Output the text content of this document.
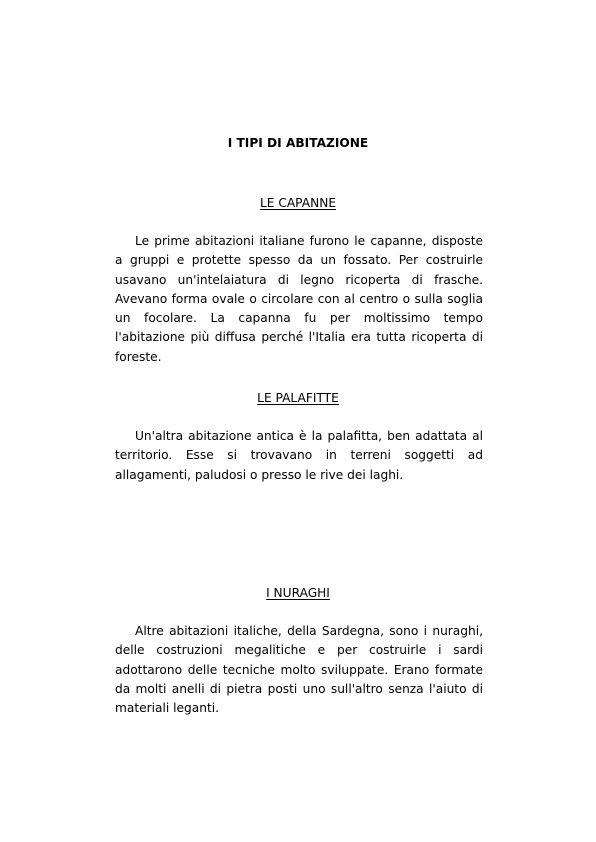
I TIPI DI ABITAZIONE
LE CAPANNE

Le prime abitazioni italiane furono le capanne, disposte a gruppi e protette spesso da un fossato. Per costruirle usavano un'intelaiatura di legno ricoperta di frasche. Avevano forma ovale o circolare con al centro o sulla soglia un focolare. La capanna fu per moltissimo tempo l'abitazione più diffusa perché l'Italia era tutta ricoperta di foreste.

LE PALAFITTE

Un'altra abitazione antica è la palafitta, ben adattata al territorio. Esse si trovavano in terreni soggetti ad allagamenti, paludosi o presso le rive dei laghi.

I NURAGHI

Altre abitazioni italiche, della Sardegna, sono i nuraghi, delle costruzioni megalitiche e per costruirle i sardi adottarono delle tecniche molto sviluppate. Erano formate da molti anelli di pietra posti uno sull'altro senza l'aiuto di materiali leganti.
